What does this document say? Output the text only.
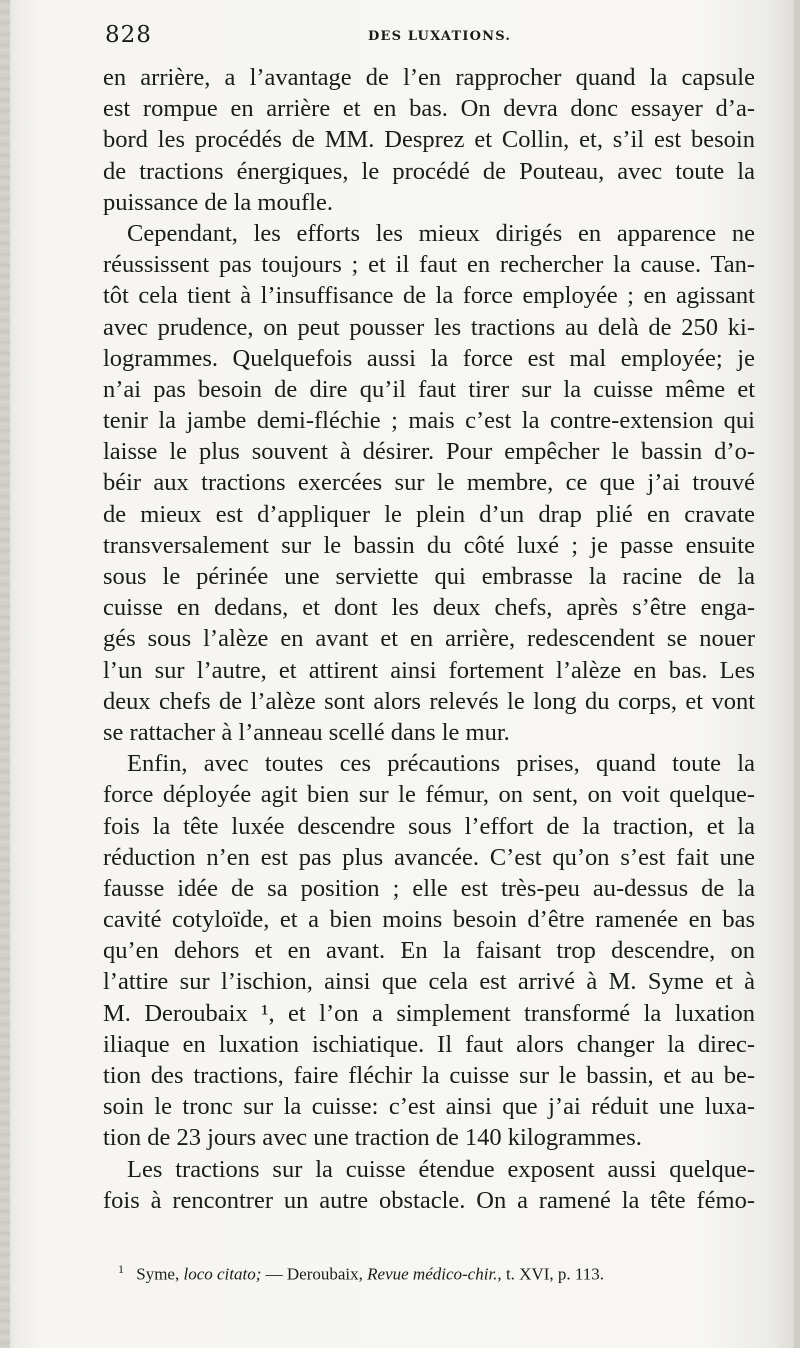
828	DES LUXATIONS.
en arrière, a l’avantage de l’en rapprocher quand la capsule
est rompue en arrière et en bas. On devra donc essayer d’a-
bord les procédés de MM. Desprez et Collin, et, s’il est besoin
de tractions énergiques, le procédé de Pouteau, avec toute la
puissance de la moufle.
Cependant, les efforts les mieux dirigés en apparence ne
réussissent pas toujours ; et il faut en rechercher la cause. Tan-
tôt cela tient à l’insuffisance de la force employée ; en agissant
avec prudence, on peut pousser les tractions au delà de 250 ki-
logrammes. Quelquefois aussi la force est mal employée; je
n’ai pas besoin de dire qu’il faut tirer sur la cuisse même et
tenir la jambe demi-fléchie ; mais c’est la contre-extension qui
laisse le plus souvent à désirer. Pour empêcher le bassin d’o-
béir aux tractions exercées sur le membre, ce que j’ai trouvé
de mieux est d’appliquer le plein d’un drap plié en cravate
transversalement sur le bassin du côté luxé ; je passe ensuite
sous le périnée une serviette qui embrasse la racine de la
cuisse en dedans, et dont les deux chefs, après s’être enga-
gés sous l’alèze en avant et en arrière, redescendent se nouer
l’un sur l’autre, et attirent ainsi fortement l’alèze en bas. Les
deux chefs de l’alèze sont alors relevés le long du corps, et vont
se rattacher à l’anneau scellé dans le mur.
Enfin, avec toutes ces précautions prises, quand toute la
force déployée agit bien sur le fémur, on sent, on voit quelque-
fois la tête luxée descendre sous l’effort de la traction, et la
réduction n’en est pas plus avancée. C’est qu’on s’est fait une
fausse idée de sa position ; elle est très-peu au-dessus de la
cavité cotyloïde, et a bien moins besoin d’être ramenée en bas
qu’en dehors et en avant. En la faisant trop descendre, on
l’attire sur l’ischion, ainsi que cela est arrivé à M. Syme et à
M. Deroubaix ¹, et l’on a simplement transformé la luxation
iliaque en luxation ischiatique. Il faut alors changer la direc-
tion des tractions, faire fléchir la cuisse sur le bassin, et au be-
soin le tronc sur la cuisse: c’est ainsi que j’ai réduit une luxa-
tion de 23 jours avec une traction de 140 kilogrammes.
Les tractions sur la cuisse étendue exposent aussi quelque-
fois à rencontrer un autre obstacle. On a ramené la tête fémo-
$^1$ Syme, loco citato; — Deroubaix, Revue médico-chir., t. XVI, p. 113.
